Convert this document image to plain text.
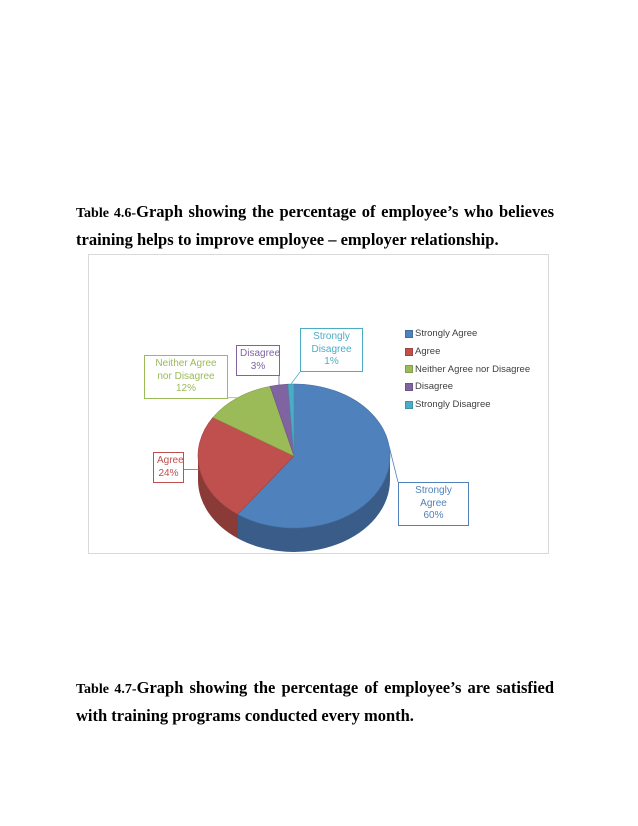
Table 4.6-Graph showing the percentage of employee’s who believes training helps to improve employee – employer relationship.
Strongly Agree
60%
Agree
24%
Neither Agree nor Disagree
12%
Disagree
3%
Strongly Disagree
1%
Strongly Agree
Agree
Neither Agree nor Disagree
Disagree
Strongly Disagree
Table 4.7-Graph showing the percentage of employee’s are satisfied with training programs conducted every month.
